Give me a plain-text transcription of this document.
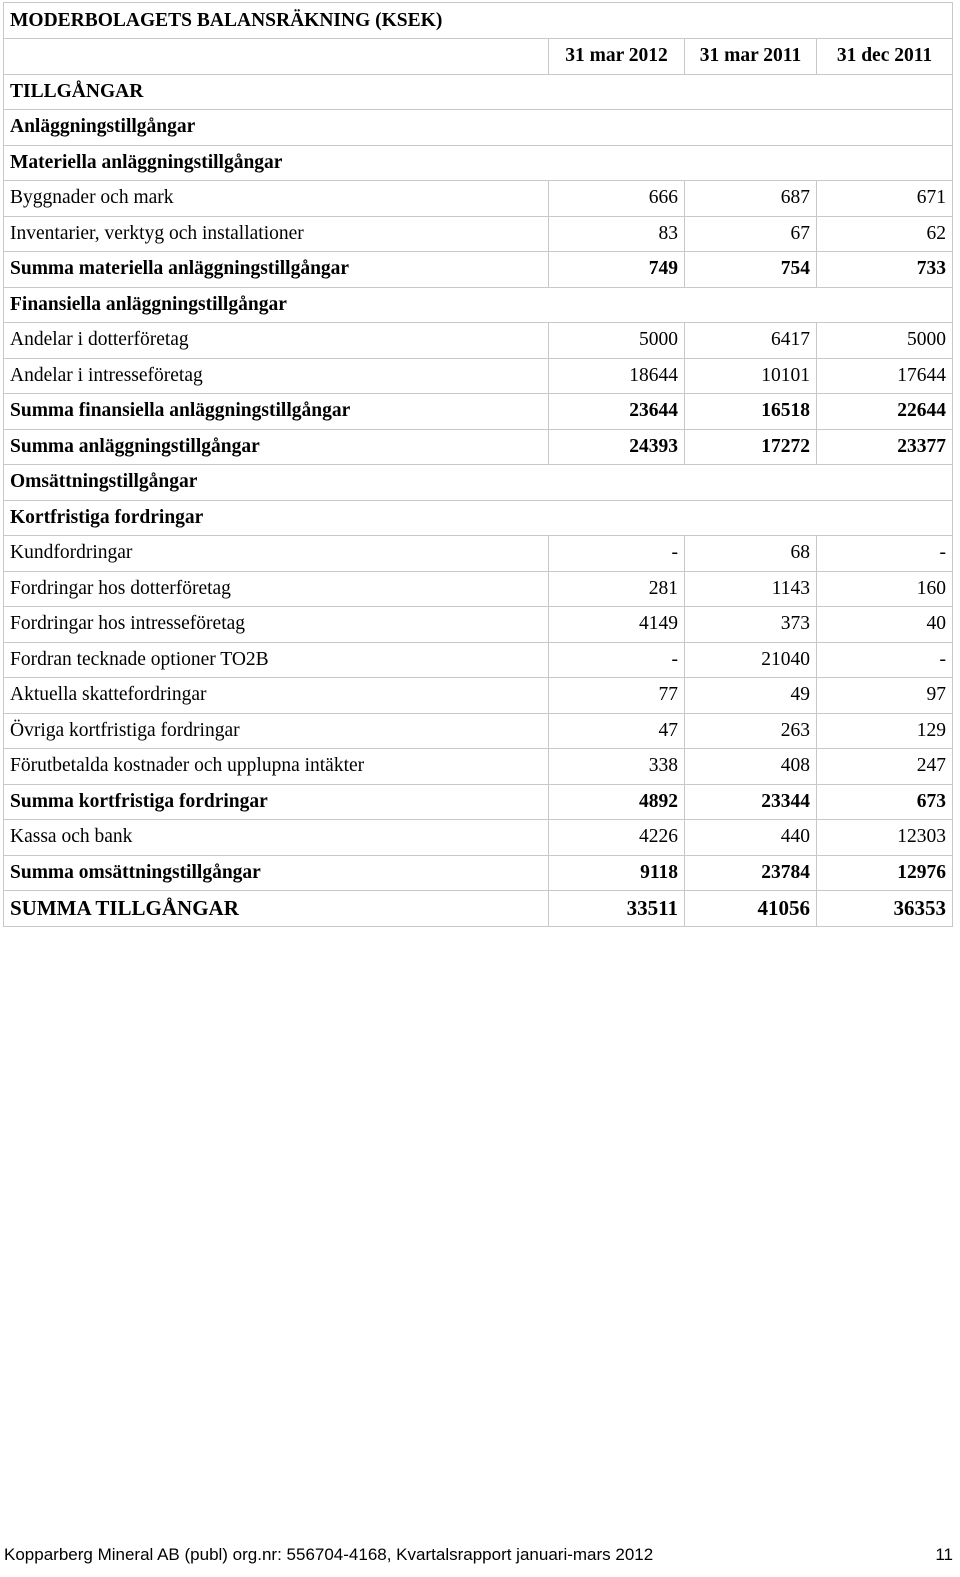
MODERBOLAGETS BALANSRÄKNING (KSEK)			
	31 mar 2012	31 mar 2011	31 dec 2011
TILLGÅNGAR			
Anläggningstillgångar			
Materiella anläggningstillgångar			
Byggnader och mark	666	687	671
Inventarier, verktyg och installationer	83	67	62
Summa materiella anläggningstillgångar	749	754	733
Finansiella anläggningstillgångar			
Andelar i dotterföretag	5000	6417	5000
Andelar i intresseföretag	18644	10101	17644
Summa finansiella anläggningstillgångar	23644	16518	22644
Summa anläggningstillgångar	24393	17272	23377
Omsättningstillgångar			
Kortfristiga fordringar			
Kundfordringar	-	68	-
Fordringar hos dotterföretag	281	1143	160
Fordringar hos intresseföretag	4149	373	40
Fordran tecknade optioner TO2B	-	21040	-
Aktuella skattefordringar	77	49	97
Övriga kortfristiga fordringar	47	263	129
Förutbetalda kostnader och upplupna intäkter	338	408	247
Summa kortfristiga fordringar	4892	23344	673
Kassa och bank	4226	440	12303
Summa omsättningstillgångar	9118	23784	12976
SUMMA TILLGÅNGAR	33511	41056	36353
Kopparberg Mineral AB (publ) org.nr: 556704-4168, Kvartalsrapport januari-mars 2012	11
